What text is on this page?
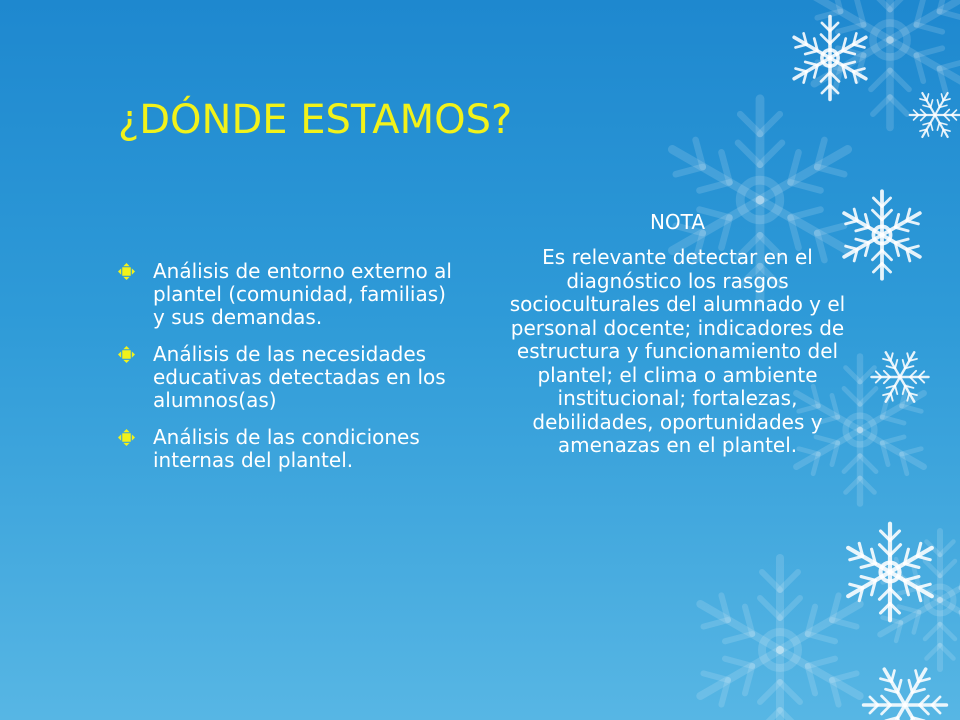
¿DÓNDE ESTAMOS?
Análisis de entorno externo al plantel (comunidad, familias) y sus demandas.
Análisis de las necesidades educativas detectadas en los alumnos(as)
Análisis de las condiciones internas del plantel.
NOTA
Es relevante detectar en el diagnóstico los rasgos socioculturales del alumnado y el personal docente; indicadores de estructura y funcionamiento del plantel; el clima o ambiente institucional; fortalezas, debilidades, oportunidades y amenazas en el plantel.
